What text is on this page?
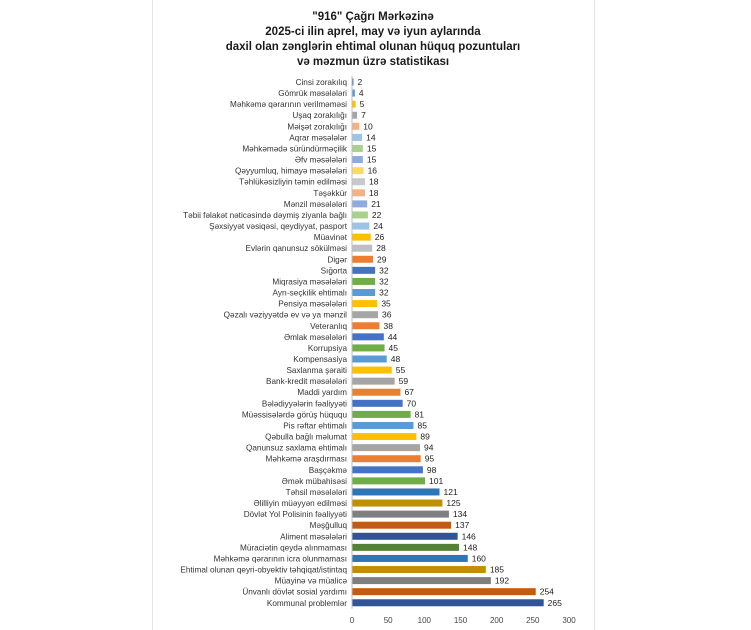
"916" Çağrı Mərkəzinə
2025-ci ilin aprel, may və iyun aylarında
daxil olan zənglərin ehtimal olunan hüquq pozuntuları
və məzmun üzrə statistikası
Cinsi zorakılıq 2
Gömrük məsələləri 4
Məhkəmə qərarının verilməməsi 5
Uşaq zorakılığı 7
Məişət zorakılığı 10
Aqrar məsələlər 14
Məhkəmədə süründürməçilik 15
Əfv məsələləri 15
Qəyyumluq, himayə məsələləri 16
Təhlükəsizliyin təmin edilməsi	18
Təşəkkür	18
Mənzil məsələləri	21
Təbii fəlakət nəticəsində dəymiş ziyanla bağlı	22
Şəxsiyyət vəsiqəsi, qeydiyyat, pasport	24
Müavinət	26
Evlərin qanunsuz sökülməsi	28
Digər	29
Sığorta	32
Miqrasiya məsələləri	32
Ayrı-seçkilik ehtimalı	32
Pensiya məsələləri	35
Qəzalı vəziyyətdə ev və ya mənzil	36
Veteranlıq	38
Əmlak məsələləri	44
Korrupsiya	45
Kompensasiya	48
Saxlanma şəraiti	55
Bank-kredit məsələləri	59
Maddi yardım	67
Bələdiyyələrin fəaliyyəti	70
Müəssisələrdə görüş hüququ	81
Pis rəftar ehtimalı	85
Qəbulla bağlı məlumat	89
Qanunsuz saxlama ehtimalı	94
Məhkəmə araşdırması	95
Başçəkmə	98
Əmək mübahisəsi	101
Təhsil məsələləri	121
Əlilliyin müəyyən edilməsi	125
Dövlət Yol Polisinin fəaliyyəti	134
Məşğulluq	137
Aliment məsələləri	146
Müraciətin qeydə alınmaması	148
Məhkəmə qərarının icra olunmaması	160
Ehtimal olunan qeyri-obyektiv təhqiqat/istintaq	185
Müayinə və müalicə	192
Ünvanlı dövlət sosial yardımı	254
Kommunal problemlər	265
0	50	100	150	200	250	300
